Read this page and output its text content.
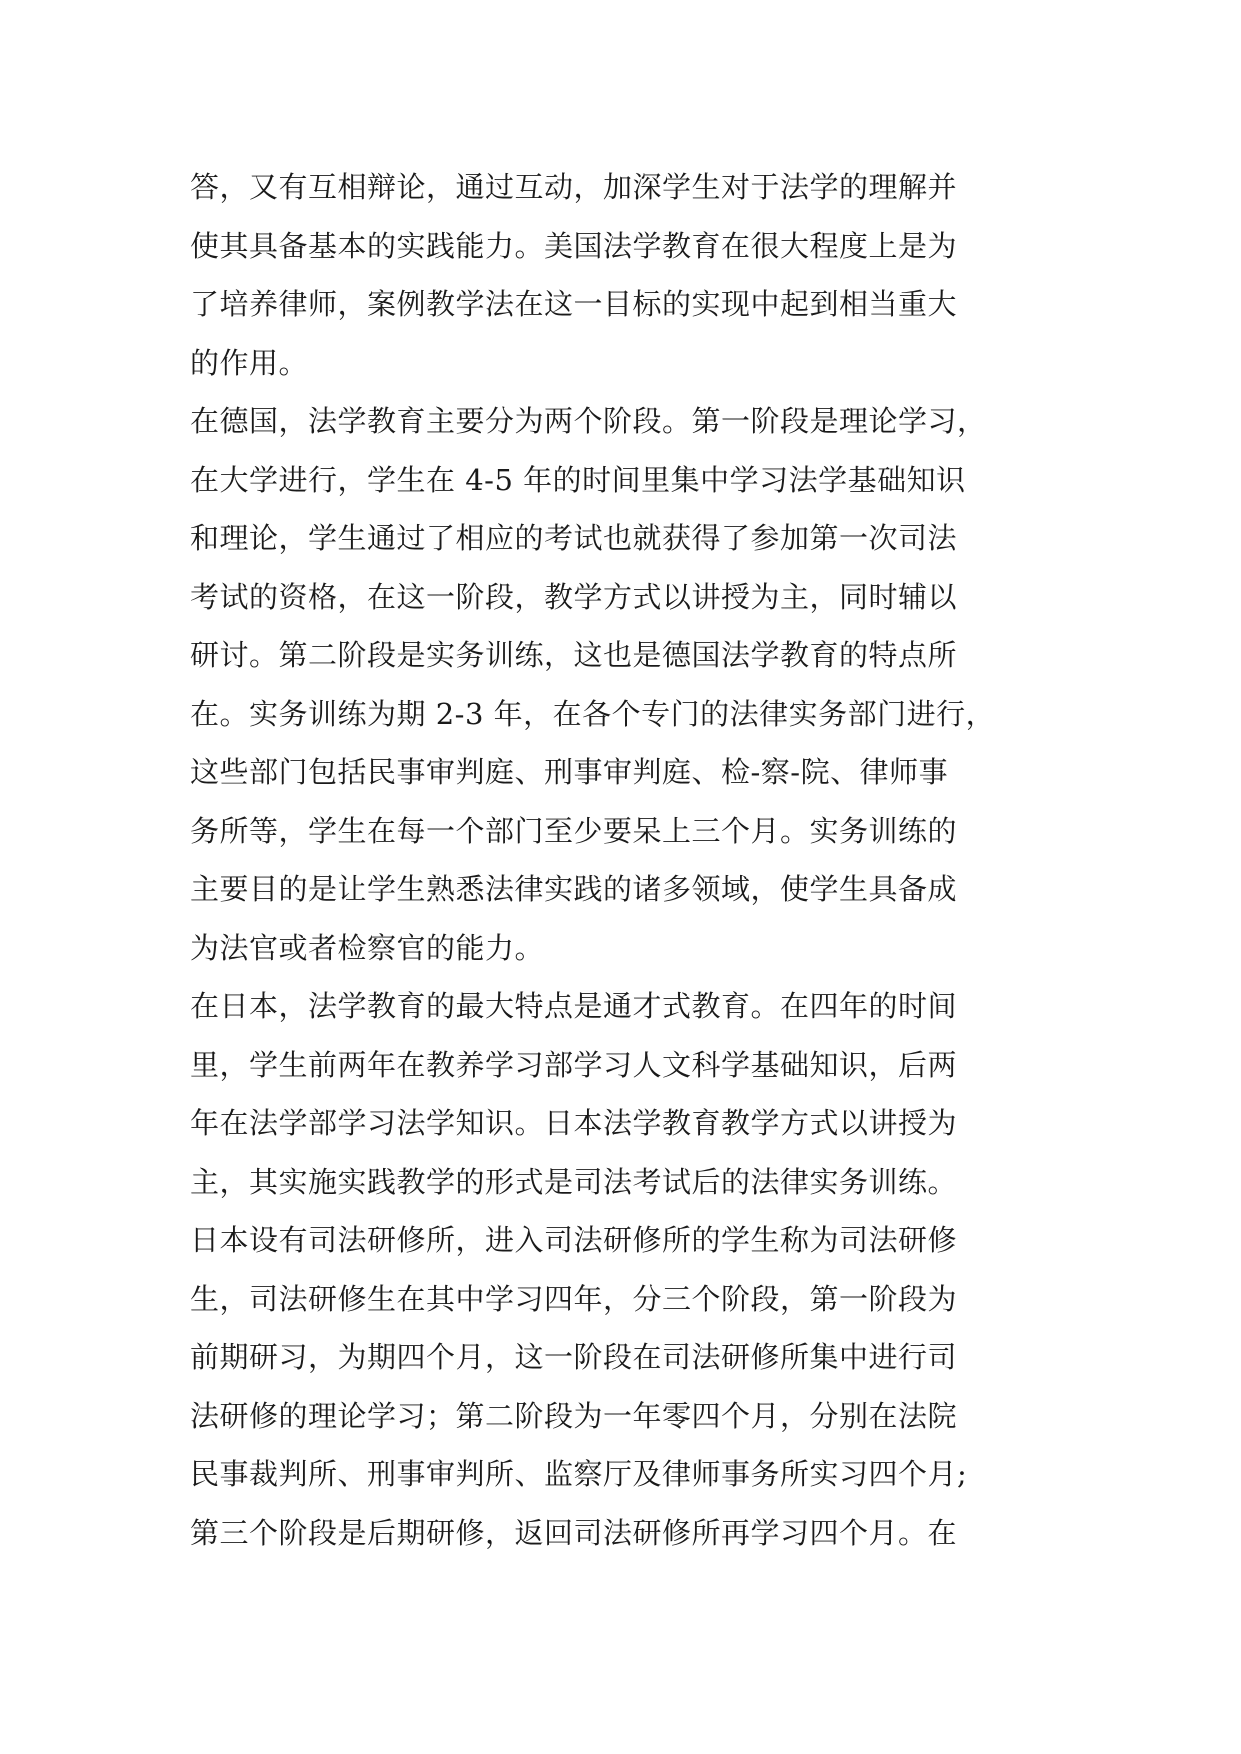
答，又有互相辩论，通过互动，加深学生对于法学的理解并
使其具备基本的实践能力。美国法学教育在很大程度上是为
了培养律师，案例教学法在这一目标的实现中起到相当重大
的作用。
在德国，法学教育主要分为两个阶段。第一阶段是理论学习，
在大学进行，学生在 4-5 年的时间里集中学习法学基础知识
和理论，学生通过了相应的考试也就获得了参加第一次司法
考试的资格，在这一阶段，教学方式以讲授为主，同时辅以
研讨。第二阶段是实务训练，这也是德国法学教育的特点所
在。实务训练为期 2-3 年，在各个专门的法律实务部门进行，
这些部门包括民事审判庭、刑事审判庭、检-察-院、律师事
务所等，学生在每一个部门至少要呆上三个月。实务训练的
主要目的是让学生熟悉法律实践的诸多领域，使学生具备成
为法官或者检察官的能力。
在日本，法学教育的最大特点是通才式教育。在四年的时间
里，学生前两年在教养学习部学习人文科学基础知识，后两
年在法学部学习法学知识。日本法学教育教学方式以讲授为
主，其实施实践教学的形式是司法考试后的法律实务训练。
日本设有司法研修所，进入司法研修所的学生称为司法研修
生，司法研修生在其中学习四年，分三个阶段，第一阶段为
前期研习，为期四个月，这一阶段在司法研修所集中进行司
法研修的理论学习；第二阶段为一年零四个月，分别在法院
民事裁判所、刑事审判所、监察厅及律师事务所实习四个月;
第三个阶段是后期研修，返回司法研修所再学习四个月。在
